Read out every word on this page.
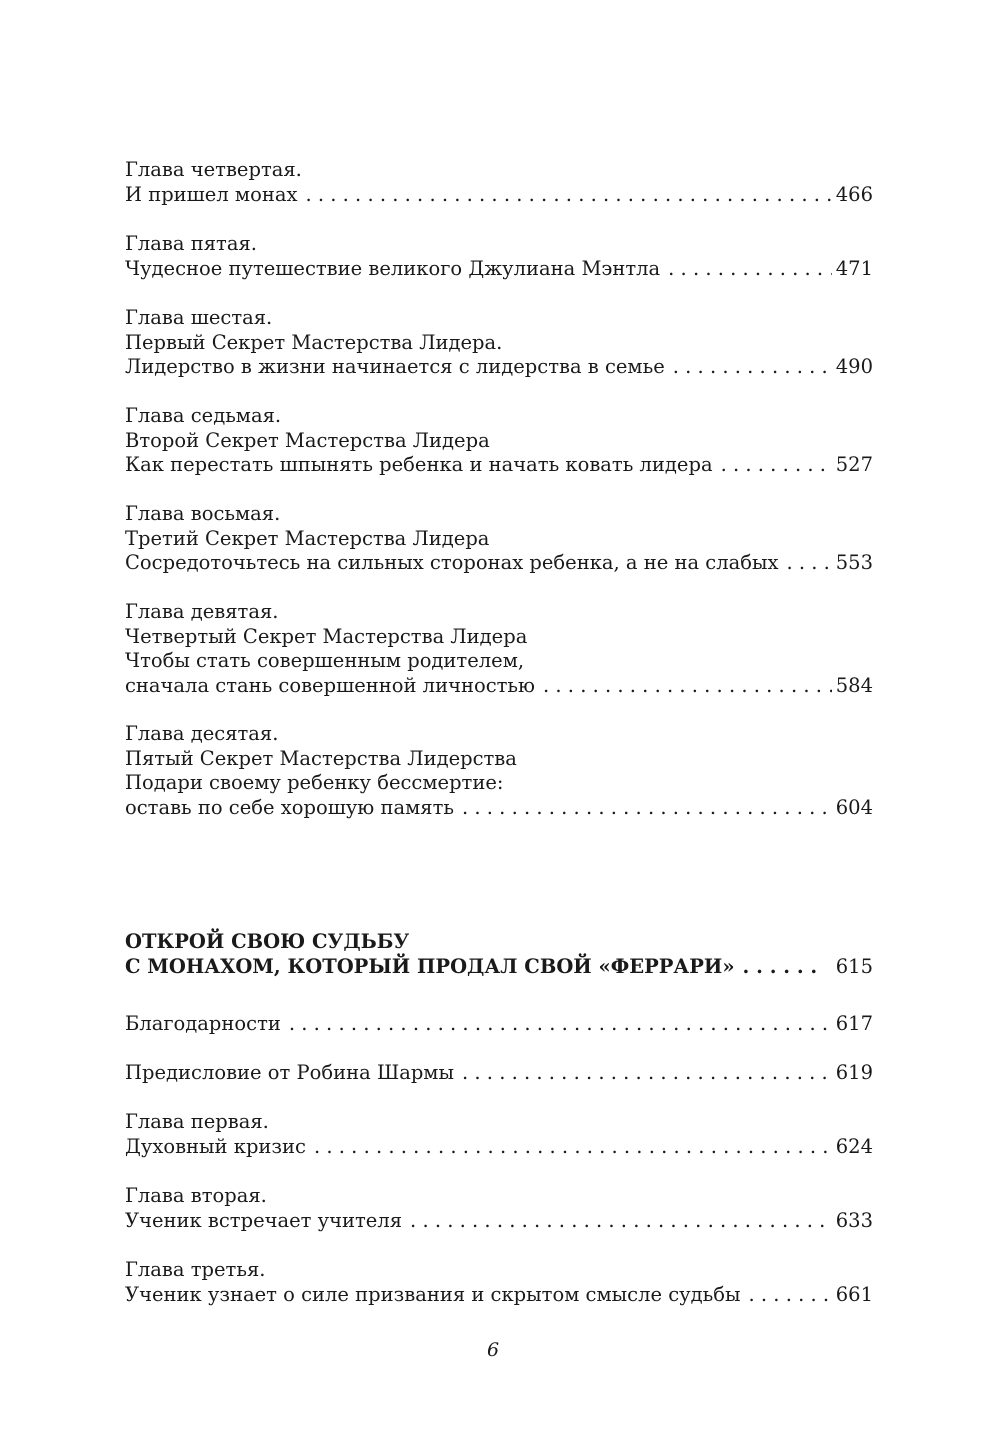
Глава четвертая.
И пришел монах . . .	466
Глава пятая.
Чудесное путешествие великого Джулиана Мэнтла . . .	471
Глава шестая.
Первый Секрет Мастерства Лидера.
Лидерство в жизни начинается с лидерства в семье . . .	490
Глава седьмая.
Второй Секрет Мастерства Лидера
Как перестать шпынять ребенка и начать ковать лидера . . .	527
Глава восьмая.
Третий Секрет Мастерства Лидера
Сосредоточьтесь на сильных сторонах ребенка, а не на слабых . . .	553
Глава девятая.
Четвертый Секрет Мастерства Лидера
Чтобы стать совершенным родителем,
сначала стань совершенной личностью . . .	584
Глава десятая.
Пятый Секрет Мастерства Лидерства
Подари своему ребенку бессмертие:
оставь по себе хорошую память . . .	604
ОТКРОЙ СВОЮ СУДЬБУ
С МОНАХОМ, КОТОРЫЙ ПРОДАЛ СВОЙ «ФЕРРАРИ» . . .	615
Благодарности . . .	617
Предисловие от Робина Шармы . . .	619
Глава первая.
Духовный кризис . . .	624
Глава вторая.
Ученик встречает учителя . . .	633
Глава третья.
Ученик узнает о силе призвания и скрытом смысле судьбы . . .	661
6
